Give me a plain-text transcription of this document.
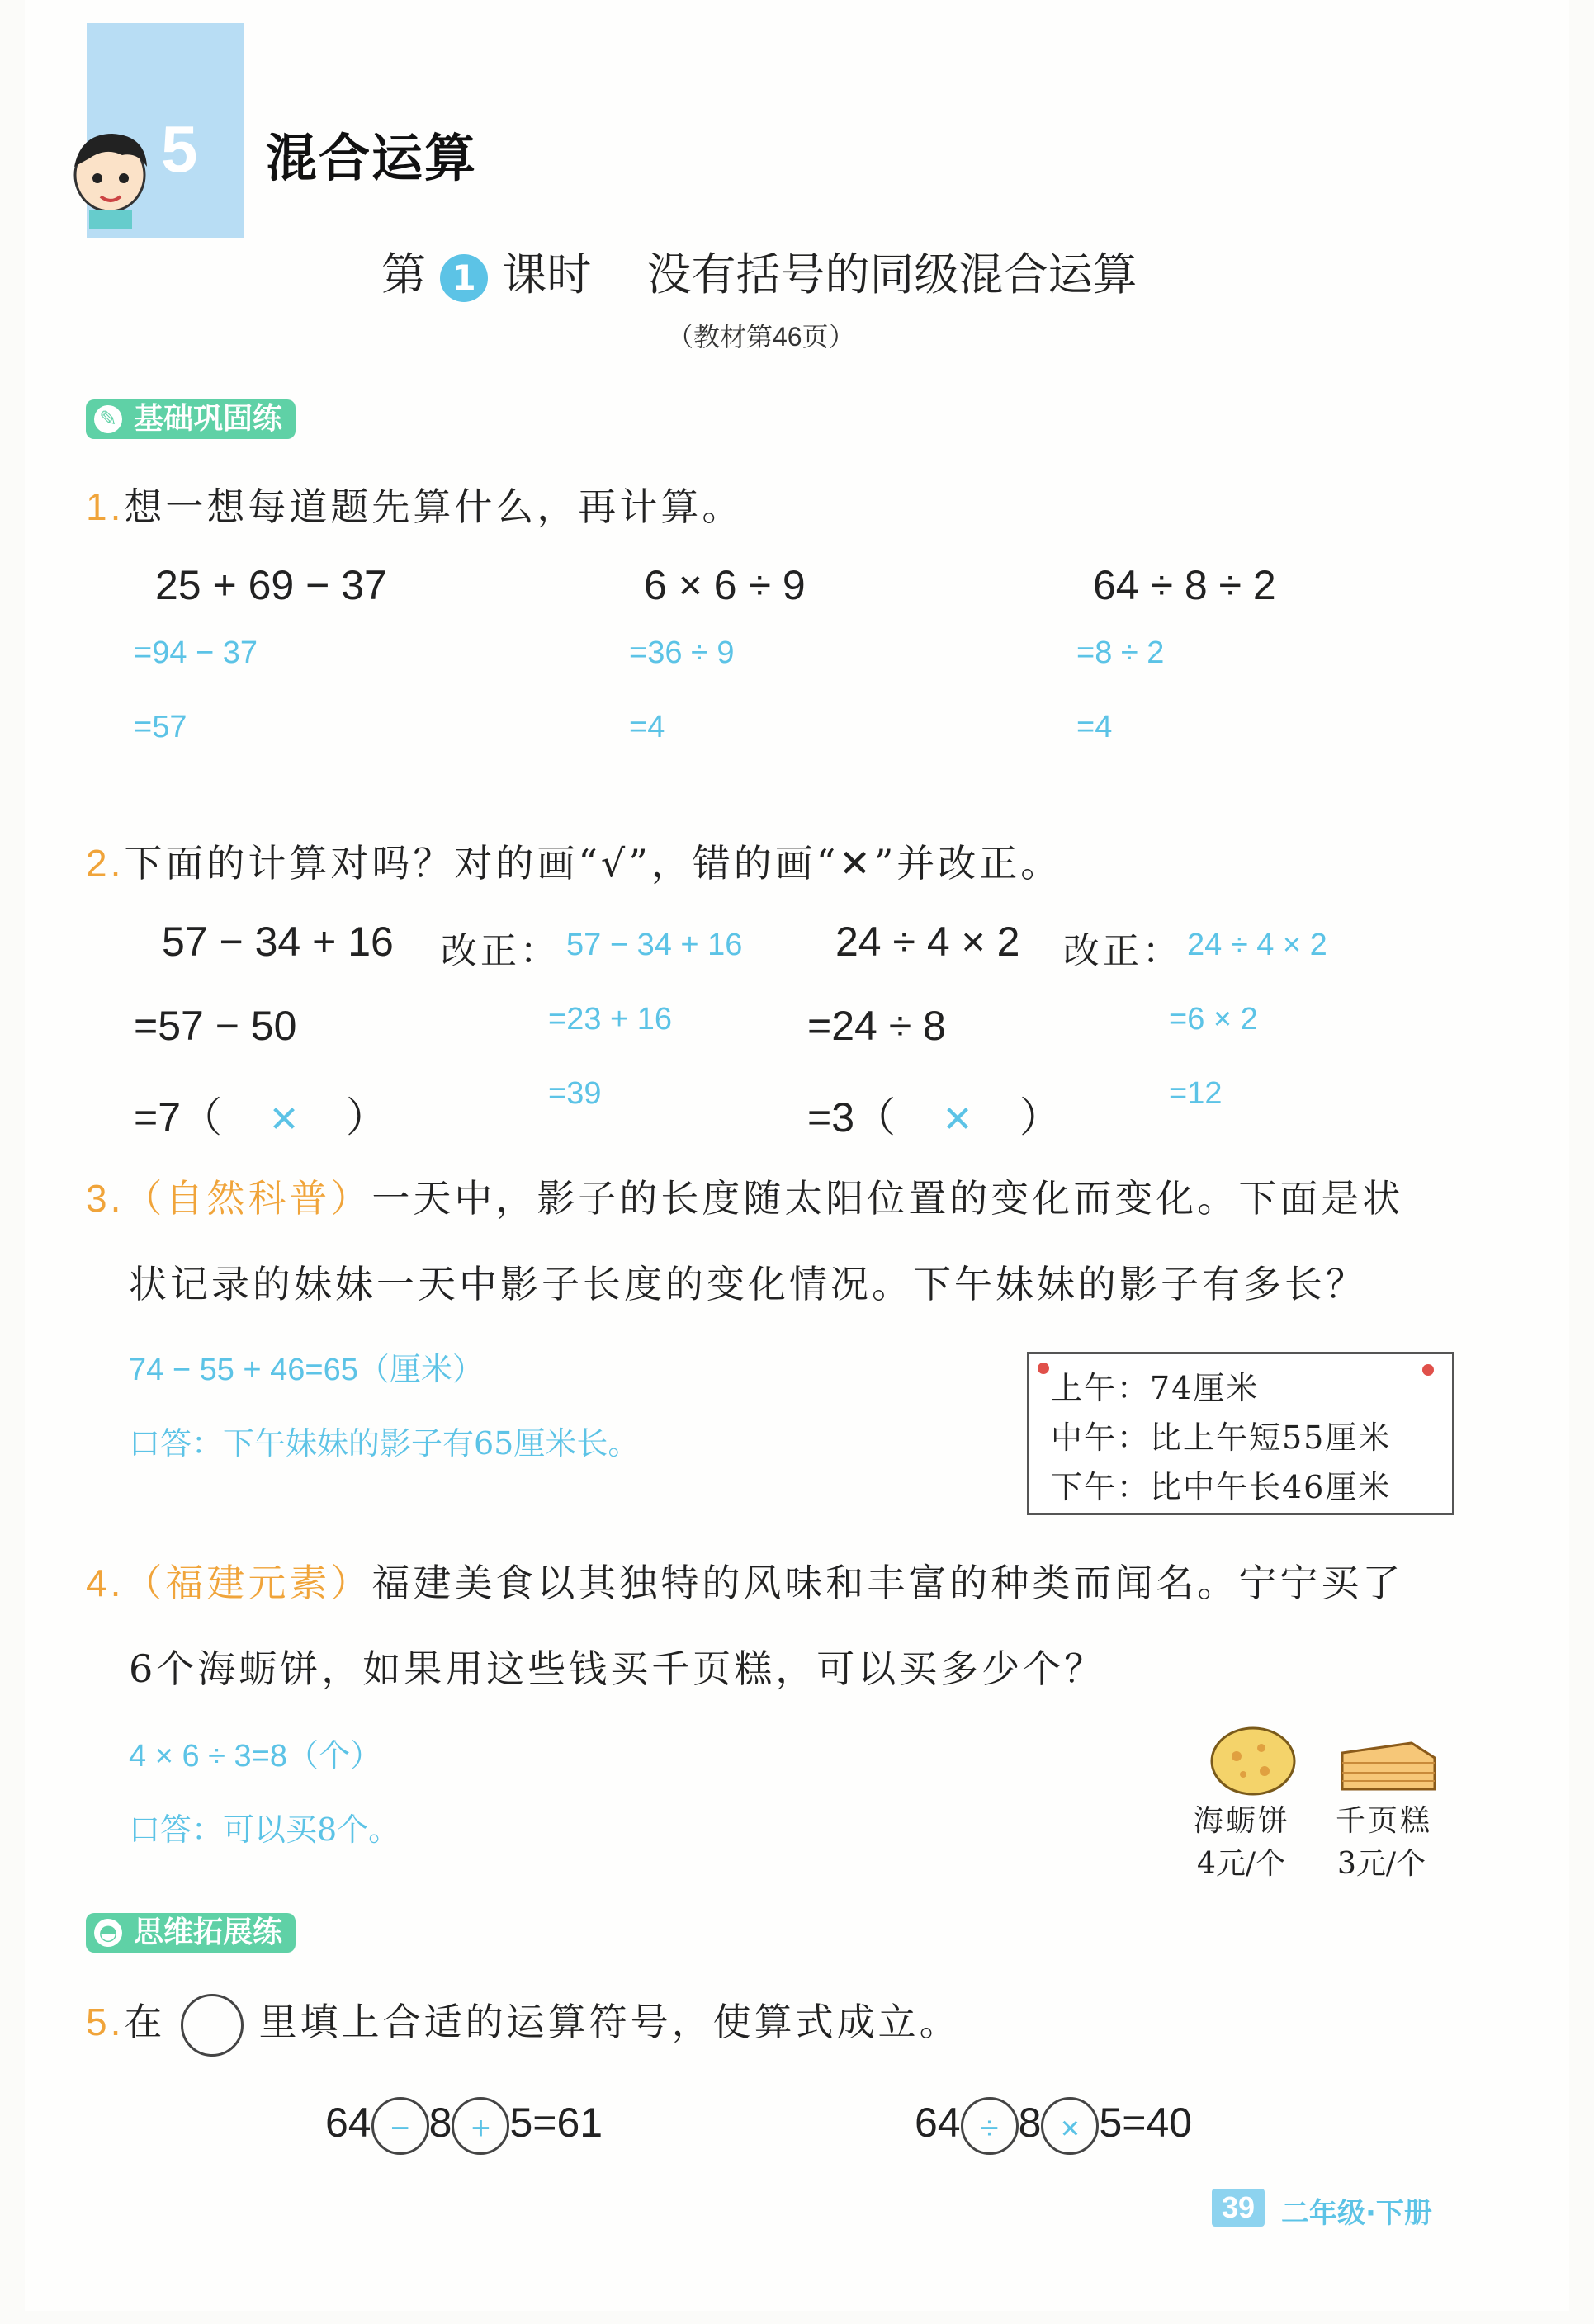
5 混合运算
第 1 课时 没有括号的同级混合运算
（教材第46页）
✎ 基础巩固练
1.想一想每道题先算什么，再计算。
25 + 69 − 37
=94 − 37
=57
6 × 6 ÷ 9
=36 ÷ 9
=4
64 ÷ 8 ÷ 2
=8 ÷ 2
=4
2.下面的计算对吗？对的画“√”，错的画“✕”并改正。
57 − 34 + 16 改正： 57 − 34 + 16
=57 − 50	=23 + 16
=7（ ✕ ）
=39
24 ÷ 4 × 2 改正： 24 ÷ 4 × 2
=24 ÷ 8	=6 × 2
=3（ ✕ ）
=12
3.（自然科普）一天中，影子的长度随太阳位置的变化而变化。下面是状
状记录的妹妹一天中影子长度的变化情况。下午妹妹的影子有多长？
74 − 55 + 46=65（厘米）
口答：下午妹妹的影子有65厘米长。
上午：74厘米
中午：比上午短55厘米
下午：比中午长46厘米
4.（福建元素）福建美食以其独特的风味和丰富的种类而闻名。宁宁买了
6个海蛎饼，如果用这些钱买千页糕，可以买多少个？
4 × 6 ÷ 3=8（个）
口答：可以买8个。	海蛎饼 千页糕
4元/个 3元/个
◓ 思维拓展练
5.在 里填上合适的运算符号，使算式成立。
64 − 8 + 5=61	64 ÷ 8 × 5=40
39 二年级·下册
